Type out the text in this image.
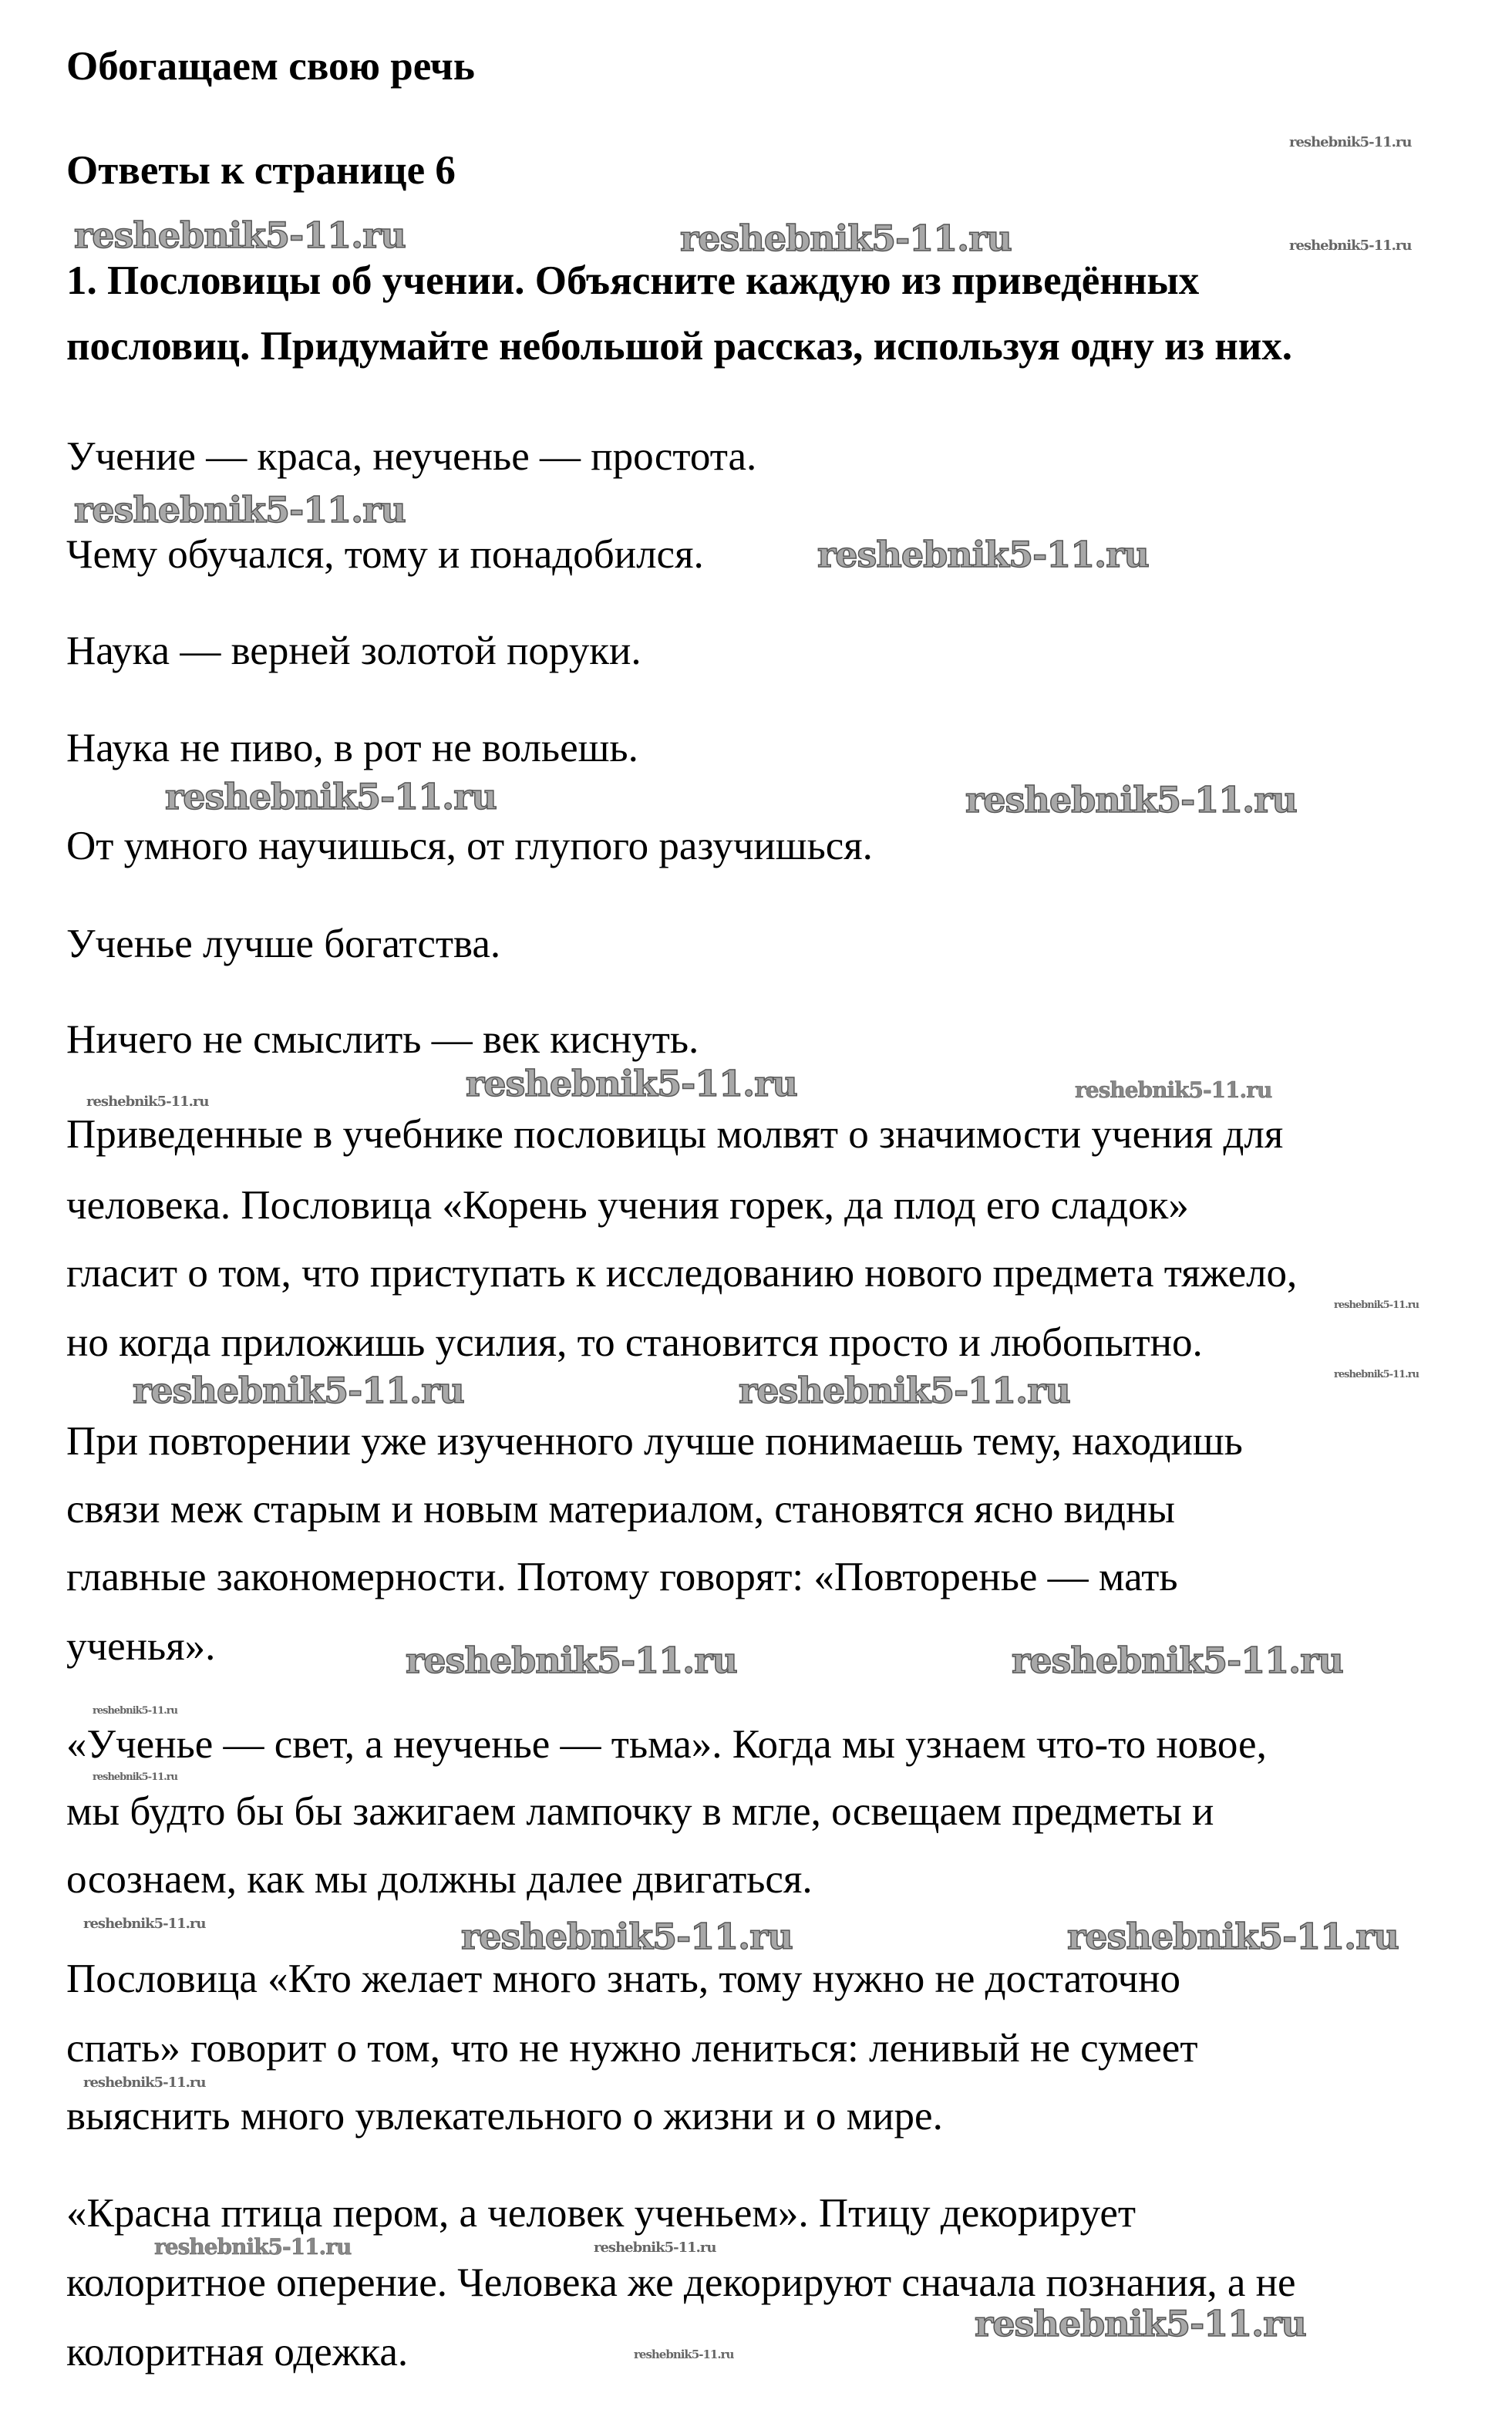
Обогащаем свою речь
Ответы к странице 6
1. Пословицы об учении. Объясните каждую из приведённых
пословиц. Придумайте небольшой рассказ, используя одну из них.
Учение — краса, неученье — простота.
Чему обучался, тому и понадобился.
Наука — верней золотой поруки.
Наука не пиво, в рот не вольешь.
От умного научишься, от глупого разучишься.
Ученье лучше богатства.
Ничего не смыслить — век киснуть.
Приведенные в учебнике пословицы молвят о значимости учения для
человека. Пословица «Корень учения горек, да плод его сладок»
гласит о том, что приступать к исследованию нового предмета тяжело,
но когда приложишь усилия, то становится просто и любопытно.
При повторении уже изученного лучше понимаешь тему, находишь
связи меж старым и новым материалом, становятся ясно видны
главные закономерности. Потому говорят: «Повторенье — мать
ученья».
«Ученье — свет, а неученье — тьма». Когда мы узнаем что-то новое,
мы будто бы бы зажигаем лампочку в мгле, освещаем предметы и
осознаем, как мы должны далее двигаться.
Пословица «Кто желает много знать, тому нужно не достаточно
спать» говорит о том, что не нужно лениться: ленивый не сумеет
выяснить много увлекательного о жизни и о мире.
«Красна птица пером, а человек ученьем». Птицу декорирует
колоритное оперение. Человека же декорируют сначала познания, а не
колоритная одежка.
reshebnik5-11.ru	reshebnik5-11.ru
reshebnik5-11.ru
reshebnik5-11.ru
reshebnik5-11.ru	reshebnik5-11.ru
reshebnik5-11.ru
reshebnik5-11.ru	reshebnik5-11.ru
reshebnik5-11.ru	reshebnik5-11.ru
reshebnik5-11.ru	reshebnik5-11.ru
reshebnik5-11.ru
reshebnik5-11.ru
reshebnik5-11.ru
reshebnik5-11.ru
reshebnik5-11.ru
reshebnik5-11.ru
reshebnik5-11.ru
reshebnik5-11.ru
reshebnik5-11.ru
reshebnik5-11.ru
reshebnik5-11.ru
reshebnik5-11.ru
reshebnik5-11.ru
reshebnik5-11.ru
